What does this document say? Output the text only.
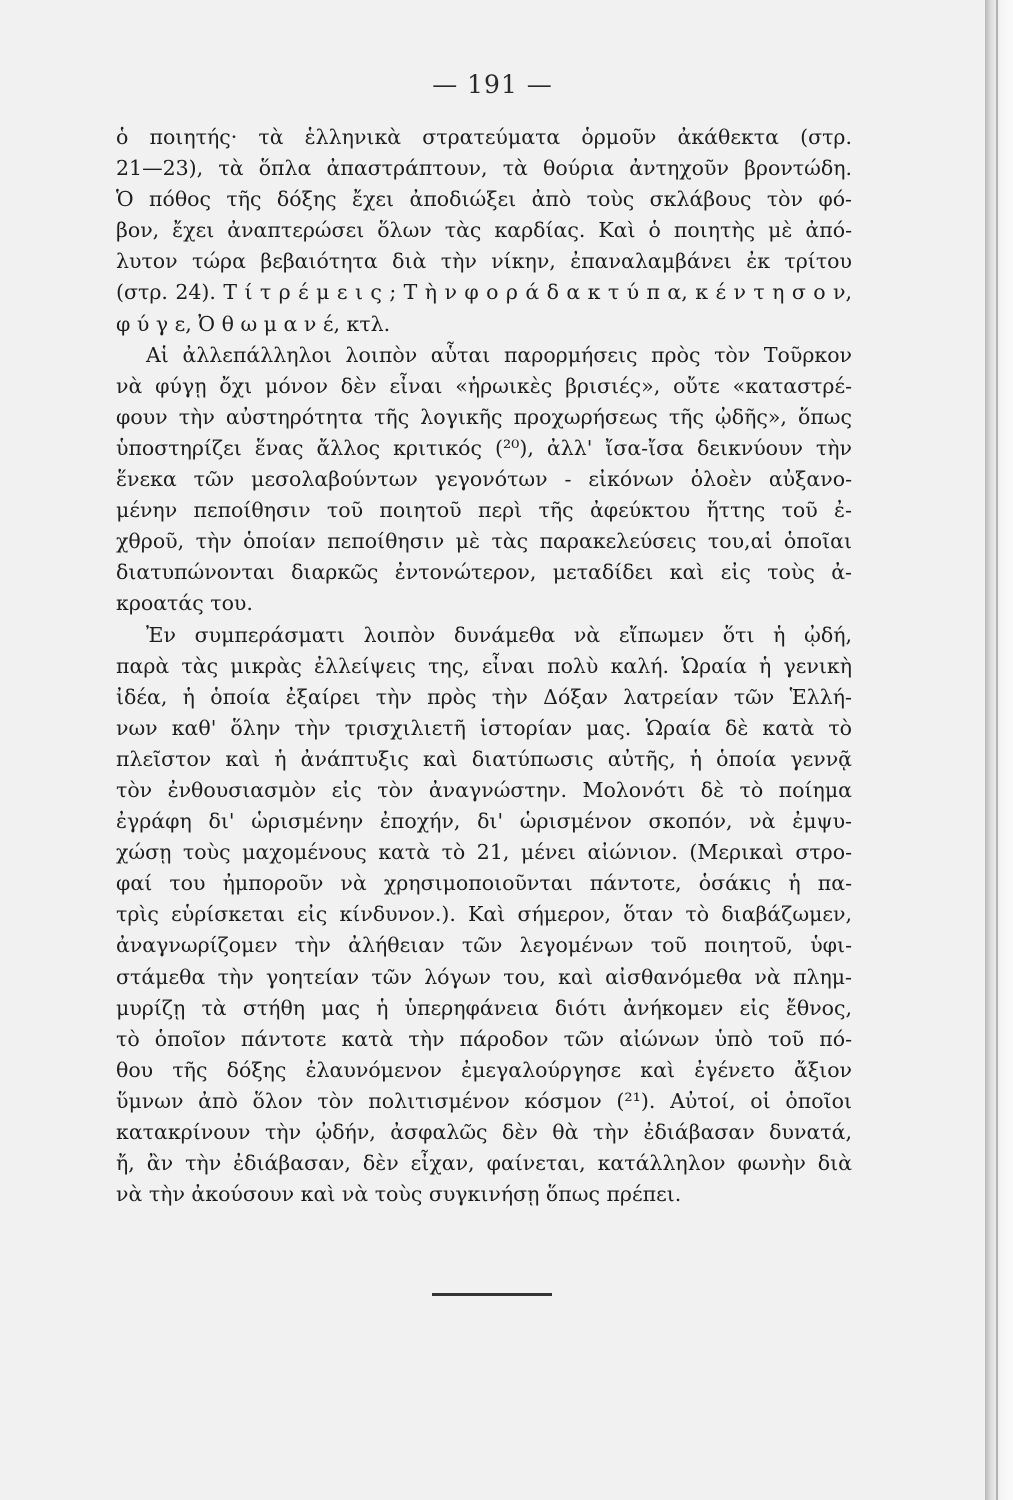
— 191 —
ὁ ποιητής· τὰ ἑλληνικὰ στρατεύματα ὁρμοῦν ἀκάθεκτα (στρ.
21—23), τὰ ὅπλα ἀπαστράπτουν, τὰ θούρια ἀντηχοῦν βροντώδη.
Ὁ πόθος τῆς δόξης ἔχει ἀποδιώξει ἀπὸ τοὺς σκλάβους τὸν φό-
βον, ἔχει ἀναπτερώσει ὅλων τὰς καρδίας. Καὶ ὁ ποιητὴς μὲ ἀπό-
λυτον τώρα βεβαιότητα διὰ τὴν νίκην, ἐπαναλαμβάνει ἐκ τρίτου
(στρ. 24). Τ ί τ ρ έ μ ε ι ς ; Τ ὴ ν φ ο ρ ά δ α κ τ ύ π α, κ έ ν τ η σ ο ν,
φ ύ γ ε, Ὀ θ ω μ α ν έ, κτλ.
Αἱ ἀλλεπάλληλοι λοιπὸν αὗται παρορμήσεις πρὸς τὸν Τοῦρκον
νὰ φύγῃ ὄχι μόνον δὲν εἶναι «ἡρωικὲς βρισιές», οὔτε «καταστρέ-
φουν τὴν αὐστηρότητα τῆς λογικῆς προχωρήσεως τῆς ᾠδῆς», ὅπως
ὑποστηρίζει ἕνας ἄλλος κριτικός (²⁰), ἀλλ' ἴσα-ἴσα δεικνύουν τὴν
ἕνεκα τῶν μεσολαβούντων γεγονότων - εἰκόνων ὁλοὲν αὐξανο-
μένην πεποίθησιν τοῦ ποιητοῦ περὶ τῆς ἀφεύκτου ἥττης τοῦ ἐ-
χθροῦ, τὴν ὁποίαν πεποίθησιν μὲ τὰς παρακελεύσεις του,αἱ ὁποῖαι
διατυπώνονται διαρκῶς ἐντονώτερον, μεταδίδει καὶ εἰς τοὺς ἀ-
κροατάς του.
Ἐν συμπεράσματι λοιπὸν δυνάμεθα νὰ εἴπωμεν ὅτι ἡ ᾠδή,
παρὰ τὰς μικρὰς ἐλλείψεις της, εἶναι πολὺ καλή. Ὡραία ἡ γενικὴ
ἰδέα, ἡ ὁποία ἐξαίρει τὴν πρὸς τὴν Δόξαν λατρείαν τῶν Ἑλλή-
νων καθ' ὅλην τὴν τρισχιλιετῆ ἱστορίαν μας. Ὡραία δὲ κατὰ τὸ
πλεῖστον καὶ ἡ ἀνάπτυξις καὶ διατύπωσις αὐτῆς, ἡ ὁποία γεννᾷ
τὸν ἐνθουσιασμὸν εἰς τὸν ἀναγνώστην. Μολονότι δὲ τὸ ποίημα
ἐγράφη δι' ὡρισμένην ἐποχήν, δι' ὡρισμένον σκοπόν, νὰ ἐμψυ-
χώσῃ τοὺς μαχομένους κατὰ τὸ 21, μένει αἰώνιον. (Μερικαὶ στρο-
φαί του ἠμποροῦν νὰ χρησιμοποιοῦνται πάντοτε, ὁσάκις ἡ πα-
τρὶς εὑρίσκεται εἰς κίνδυνον.). Καὶ σήμερον, ὅταν τὸ διαβάζωμεν,
ἀναγνωρίζομεν τὴν ἀλήθειαν τῶν λεγομένων τοῦ ποιητοῦ, ὑφι-
στάμεθα τὴν γοητείαν τῶν λόγων του, καὶ αἰσθανόμεθα νὰ πλημ-
μυρίζῃ τὰ στήθη μας ἡ ὑπερηφάνεια διότι ἀνήκομεν εἰς ἔθνος,
τὸ ὁποῖον πάντοτε κατὰ τὴν πάροδον τῶν αἰώνων ὑπὸ τοῦ πό-
θου τῆς δόξης ἐλαυνόμενον ἐμεγαλούργησε καὶ ἐγένετο ἄξιον
ὕμνων ἀπὸ ὅλον τὸν πολιτισμένον κόσμον (²¹). Αὐτοί, οἱ ὁποῖοι
κατακρίνουν τὴν ᾠδήν, ἀσφαλῶς δὲν θὰ τὴν ἐδιάβασαν δυνατά,
ἤ, ἂν τὴν ἐδιάβασαν, δὲν εἶχαν, φαίνεται, κατάλληλον φωνὴν διὰ
νὰ τὴν ἀκούσουν καὶ νὰ τοὺς συγκινήσῃ ὅπως πρέπει.
